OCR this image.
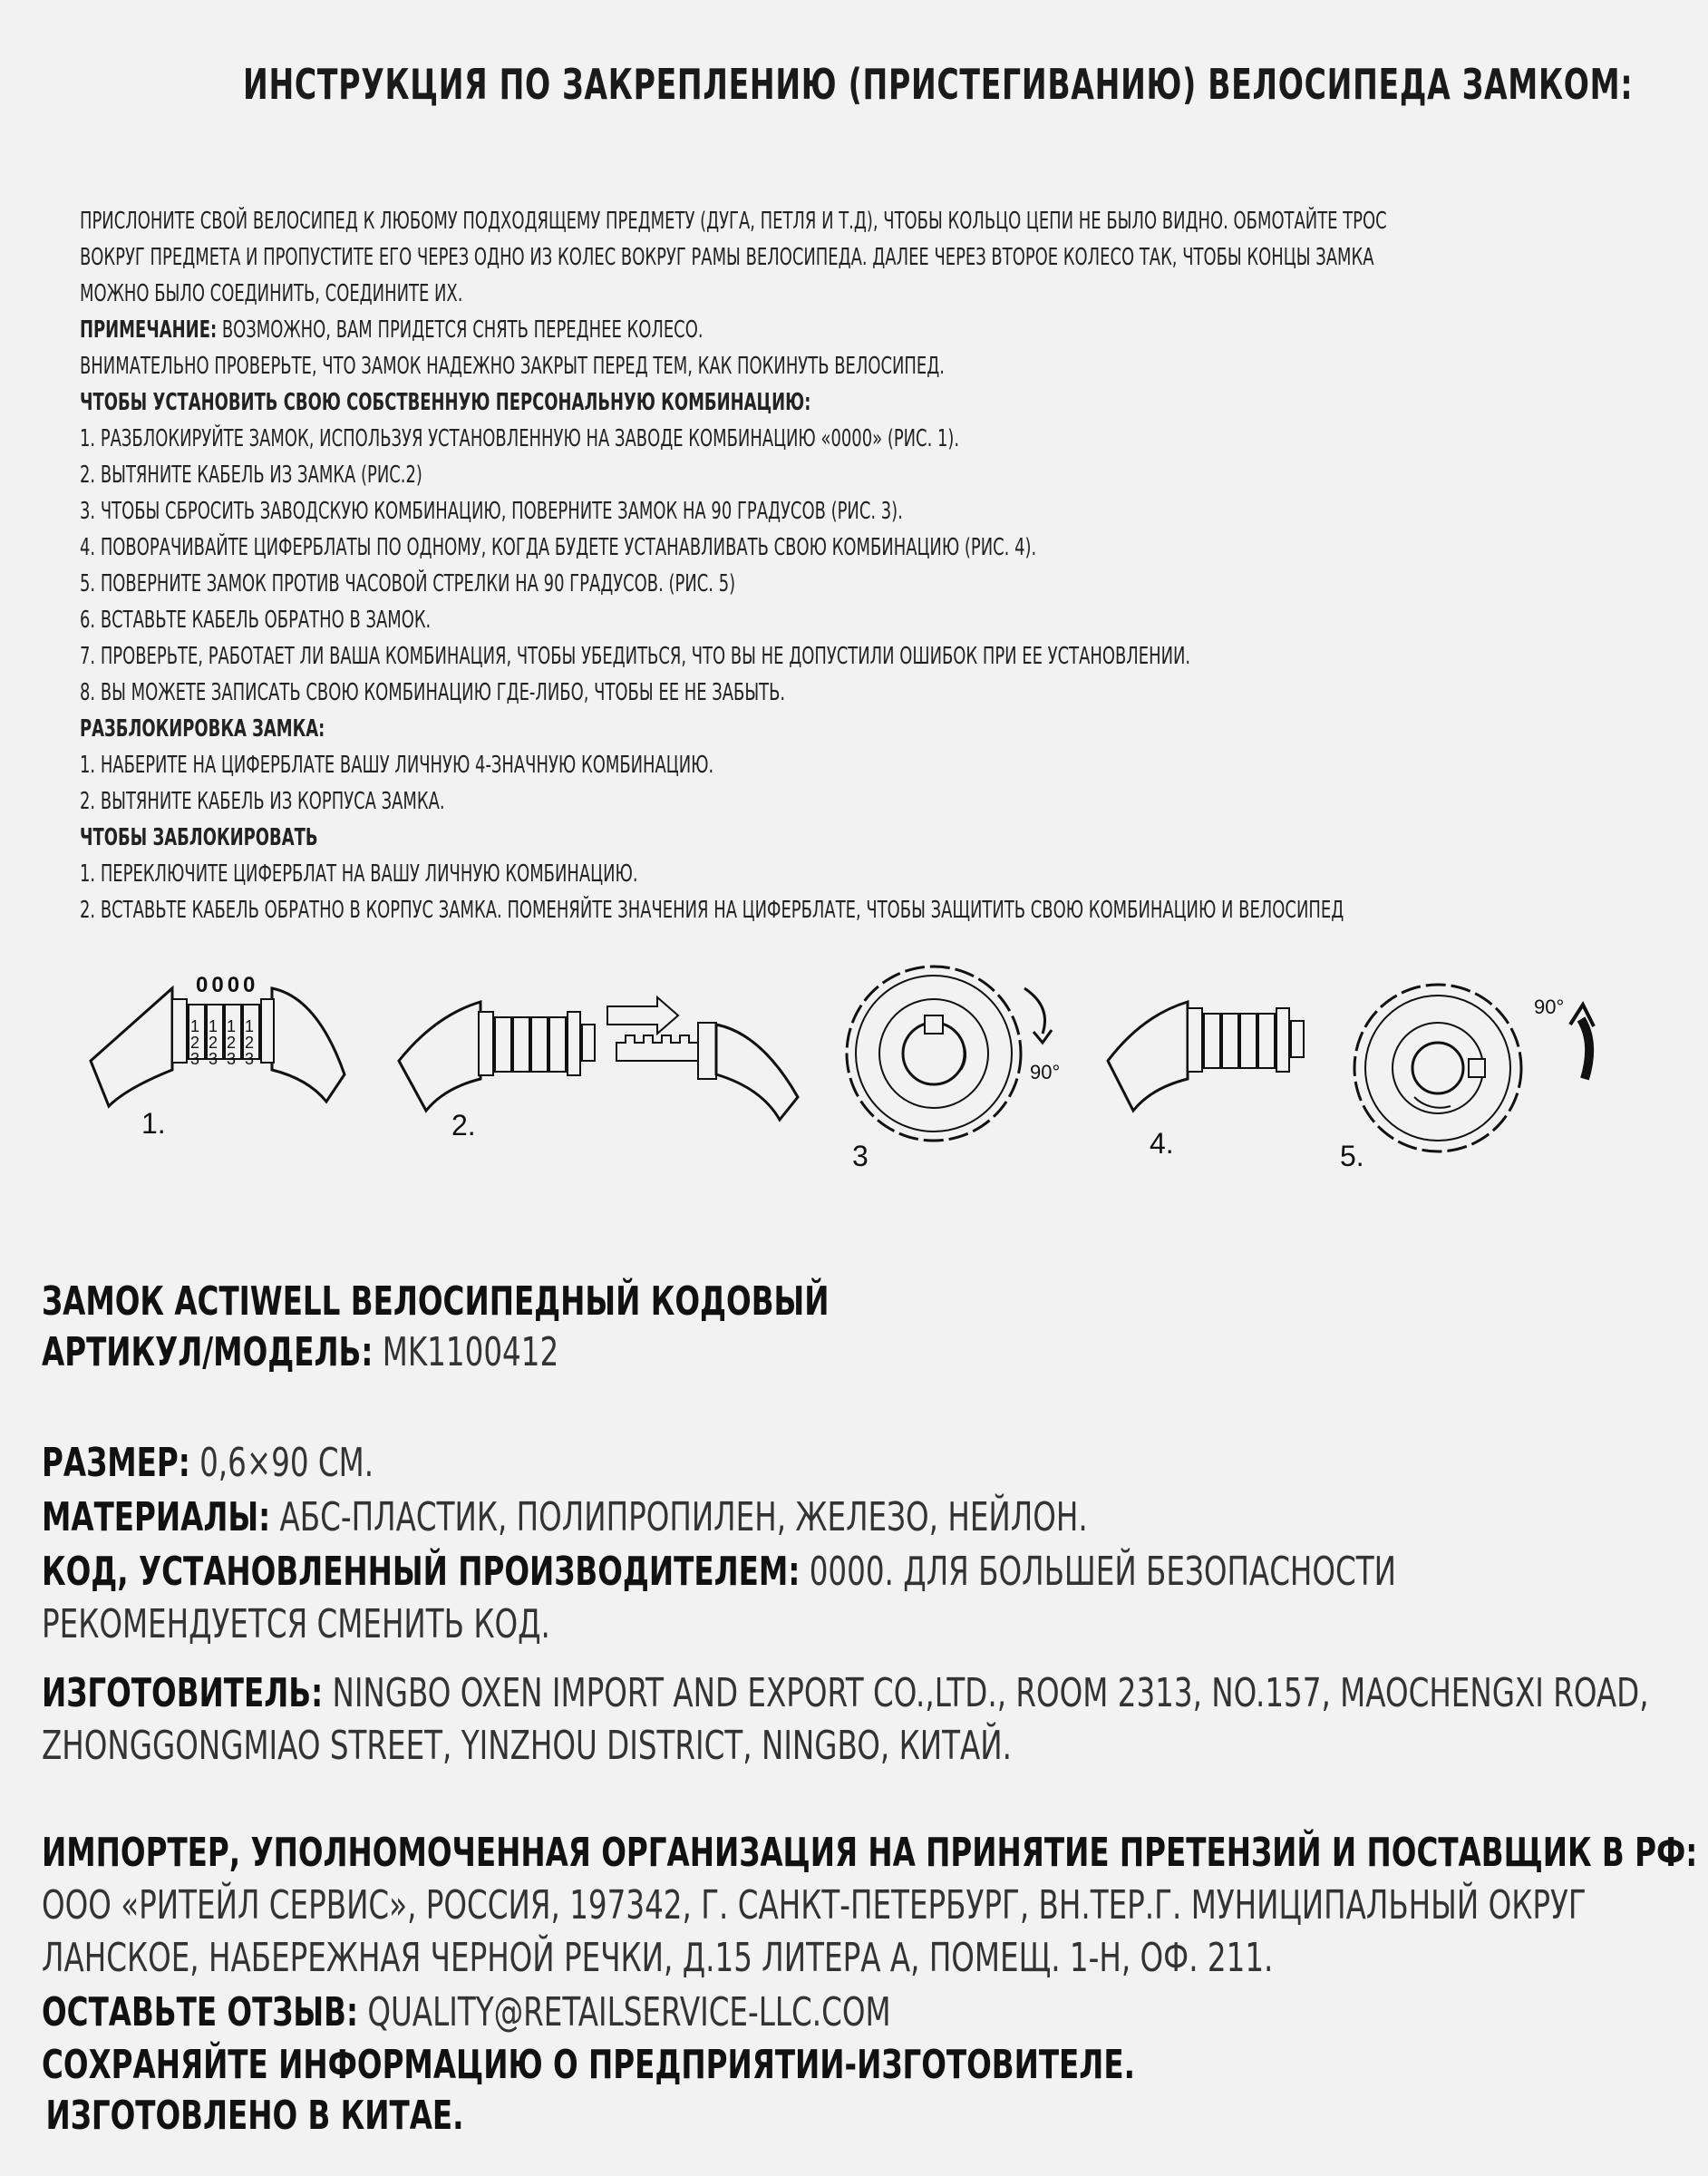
ИНСТРУКЦИЯ ПО ЗАКРЕПЛЕНИЮ (ПРИСТЕГИВАНИЮ) ВЕЛОСИПЕДА ЗАМКОМ:
ПРИСЛОНИТЕ СВОЙ ВЕЛОСИПЕД К ЛЮБОМУ ПОДХОДЯЩЕМУ ПРЕДМЕТУ (ДУГА, ПЕТЛЯ И Т.Д), ЧТОБЫ КОЛЬЦО ЦЕПИ НЕ БЫЛО ВИДНО. ОБМОТАЙТЕ ТРОС
ВОКРУГ ПРЕДМЕТА И ПРОПУСТИТЕ ЕГО ЧЕРЕЗ ОДНО ИЗ КОЛЕС ВОКРУГ РАМЫ ВЕЛОСИПЕДА. ДАЛЕЕ ЧЕРЕЗ ВТОРОЕ КОЛЕСО ТАК, ЧТОБЫ КОНЦЫ ЗАМКА
МОЖНО БЫЛО СОЕДИНИТЬ, СОЕДИНИТЕ ИХ.
ПРИМЕЧАНИЕ: ВОЗМОЖНО, ВАМ ПРИДЕТСЯ СНЯТЬ ПЕРЕДНЕЕ КОЛЕСО.
ВНИМАТЕЛЬНО ПРОВЕРЬТЕ, ЧТО ЗАМОК НАДЕЖНО ЗАКРЫТ ПЕРЕД ТЕМ, КАК ПОКИНУТЬ ВЕЛОСИПЕД.
ЧТОБЫ УСТАНОВИТЬ СВОЮ СОБСТВЕННУЮ ПЕРСОНАЛЬНУЮ КОМБИНАЦИЮ:
1. РАЗБЛОКИРУЙТЕ ЗАМОК, ИСПОЛЬЗУЯ УСТАНОВЛЕННУЮ НА ЗАВОДЕ КОМБИНАЦИЮ «0000» (РИС. 1).
2. ВЫТЯНИТЕ КАБЕЛЬ ИЗ ЗАМКА (РИС.2)
3. ЧТОБЫ СБРОСИТЬ ЗАВОДСКУЮ КОМБИНАЦИЮ, ПОВЕРНИТЕ ЗАМОК НА 90 ГРАДУСОВ (РИС. 3).
4. ПОВОРАЧИВАЙТЕ ЦИФЕРБЛАТЫ ПО ОДНОМУ, КОГДА БУДЕТЕ УСТАНАВЛИВАТЬ СВОЮ КОМБИНАЦИЮ (РИС. 4).
5. ПОВЕРНИТЕ ЗАМОК ПРОТИВ ЧАСОВОЙ СТРЕЛКИ НА 90 ГРАДУСОВ. (РИС. 5)
6. ВСТАВЬТЕ КАБЕЛЬ ОБРАТНО В ЗАМОК.
7. ПРОВЕРЬТЕ, РАБОТАЕТ ЛИ ВАША КОМБИНАЦИЯ, ЧТОБЫ УБЕДИТЬСЯ, ЧТО ВЫ НЕ ДОПУСТИЛИ ОШИБОК ПРИ ЕЕ УСТАНОВЛЕНИИ.
8. ВЫ МОЖЕТЕ ЗАПИСАТЬ СВОЮ КОМБИНАЦИЮ ГДЕ-ЛИБО, ЧТОБЫ ЕЕ НЕ ЗАБЫТЬ.
РАЗБЛОКИРОВКА ЗАМКА:
1. НАБЕРИТЕ НА ЦИФЕРБЛАТЕ ВАШУ ЛИЧНУЮ 4-ЗНАЧНУЮ КОМБИНАЦИЮ.
2. ВЫТЯНИТЕ КАБЕЛЬ ИЗ КОРПУСА ЗАМКА.
ЧТОБЫ ЗАБЛОКИРОВАТЬ
1. ПЕРЕКЛЮЧИТЕ ЦИФЕРБЛАТ НА ВАШУ ЛИЧНУЮ КОМБИНАЦИЮ.
2. ВСТАВЬТЕ КАБЕЛЬ ОБРАТНО В КОРПУС ЗАМКА. ПОМЕНЯЙТЕ ЗНАЧЕНИЯ НА ЦИФЕРБЛАТЕ, ЧТОБЫ ЗАЩИТИТЬ СВОЮ КОМБИНАЦИЮ И ВЕЛОСИПЕД
1 1 1 1
2 2 2 2
3 3 3 3
0000
1.	2.
90°
3	4.
90°
5.
ЗАМОК ACTIWELL ВЕЛОСИПЕДНЫЙ КОДОВЫЙ
АРТИКУЛ/МОДЕЛЬ: MK1100412
РАЗМЕР: 0,6×90 СМ.
МАТЕРИАЛЫ: АБС-ПЛАСТИК, ПОЛИПРОПИЛЕН, ЖЕЛЕЗО, НЕЙЛОН.
КОД, УСТАНОВЛЕННЫЙ ПРОИЗВОДИТЕЛЕМ: 0000. ДЛЯ БОЛЬШЕЙ БЕЗОПАСНОСТИ
РЕКОМЕНДУЕТСЯ СМЕНИТЬ КОД.
ИЗГОТОВИТЕЛЬ: NINGBO OXEN IMPORT AND EXPORT CO.,LTD., ROOM 2313, NO.157, MAOCHENGXI ROAD,
ZHONGGONGMIAO STREET, YINZHOU DISTRICT, NINGBO, КИТАЙ.
ИМПОРТЕР, УПОЛНОМОЧЕННАЯ ОРГАНИЗАЦИЯ НА ПРИНЯТИЕ ПРЕТЕНЗИЙ И ПОСТАВЩИК В РФ:
ООО «РИТЕЙЛ СЕРВИС», РОССИЯ, 197342, Г. САНКТ-ПЕТЕРБУРГ, ВН.ТЕР.Г. МУНИЦИПАЛЬНЫЙ ОКРУГ
ЛАНСКОЕ, НАБЕРЕЖНАЯ ЧЕРНОЙ РЕЧКИ, Д.15 ЛИТЕРА А, ПОМЕЩ. 1-Н, ОФ. 211.
ОСТАВЬТЕ ОТЗЫВ: QUALITY@RETAILSERVICE-LLC.COM
СОХРАНЯЙТЕ ИНФОРМАЦИЮ О ПРЕДПРИЯТИИ-ИЗГОТОВИТЕЛЕ.
ИЗГОТОВЛЕНО В КИТАЕ.
